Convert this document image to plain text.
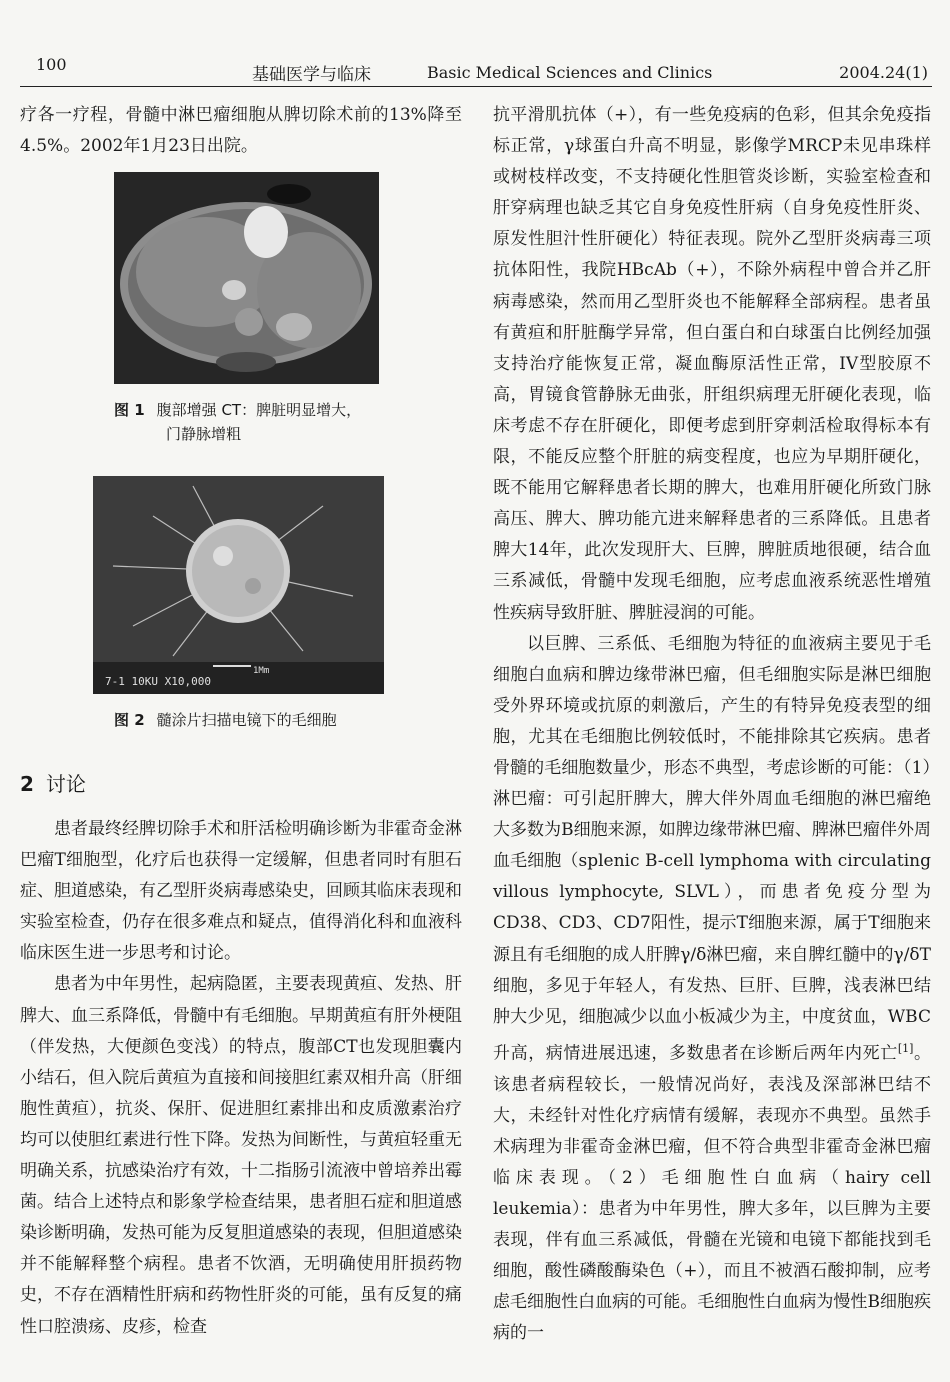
100
基础医学与临床	Basic Medical Sciences and Clinics	2004.24(1)

疗各一疗程，骨髓中淋巴瘤细胞从脾切除术前的13%降至4.5%。2002年1月23日出院。

图 1 腹部增强 CT：脾脏明显增大，
门静脉增粗
7-1 10KU X10,000
1Mm
图 2 髓涂片扫描电镜下的毛细胞
2 讨论

患者最终经脾切除手术和肝活检明确诊断为非霍奇金淋巴瘤T细胞型，化疗后也获得一定缓解，但患者同时有胆石症、胆道感染，有乙型肝炎病毒感染史，回顾其临床表现和实验室检查，仍存在很多难点和疑点，值得消化科和血液科临床医生进一步思考和讨论。

患者为中年男性，起病隐匿，主要表现黄疸、发热、肝脾大、血三系降低，骨髓中有毛细胞。早期黄疸有肝外梗阻（伴发热，大便颜色变浅）的特点，腹部CT也发现胆囊内小结石，但入院后黄疸为直接和间接胆红素双相升高（肝细胞性黄疸），抗炎、保肝、促进胆红素排出和皮质激素治疗均可以使胆红素进行性下降。发热为间断性，与黄疸轻重无明确关系，抗感染治疗有效，十二指肠引流液中曾培养出霉菌。结合上述特点和影象学检查结果，患者胆石症和胆道感染诊断明确，发热可能为反复胆道感染的表现，但胆道感染并不能解释整个病程。患者不饮酒，无明确使用肝损药物史，不存在酒精性肝病和药物性肝炎的可能，虽有反复的痛性口腔溃疡、皮疹，检查

抗平滑肌抗体（+），有一些免疫病的色彩，但其余免疫指标正常，γ球蛋白升高不明显，影像学MRCP未见串珠样或树枝样改变，不支持硬化性胆管炎诊断，实验室检查和肝穿病理也缺乏其它自身免疫性肝病（自身免疫性肝炎、原发性胆汁性肝硬化）特征表现。院外乙型肝炎病毒三项抗体阳性，我院HBcAb（+），不除外病程中曾合并乙肝病毒感染，然而用乙型肝炎也不能解释全部病程。患者虽有黄疸和肝脏酶学异常，但白蛋白和白球蛋白比例经加强支持治疗能恢复正常，凝血酶原活性正常，IV型胶原不高，胃镜食管静脉无曲张，肝组织病理无肝硬化表现，临床考虑不存在肝硬化，即便考虑到肝穿刺活检取得标本有限，不能反应整个肝脏的病变程度，也应为早期肝硬化，既不能用它解释患者长期的脾大，也难用肝硬化所致门脉高压、脾大、脾功能亢进来解释患者的三系降低。且患者脾大14年，此次发现肝大、巨脾，脾脏质地很硬，结合血三系减低，骨髓中发现毛细胞，应考虑血液系统恶性增殖性疾病导致肝脏、脾脏浸润的可能。

以巨脾、三系低、毛细胞为特征的血液病主要见于毛细胞白血病和脾边缘带淋巴瘤，但毛细胞实际是淋巴细胞受外界环境或抗原的刺激后，产生的有特异免疫表型的细胞，尤其在毛细胞比例较低时，不能排除其它疾病。患者骨髓的毛细胞数量少，形态不典型，考虑诊断的可能：（1）淋巴瘤：可引起肝脾大，脾大伴外周血毛细胞的淋巴瘤绝大多数为B细胞来源，如脾边缘带淋巴瘤、脾淋巴瘤伴外周血毛细胞（splenic B-cell lymphoma with circulating villous lymphocyte, SLVL），而患者免疫分型为CD38、CD3、CD7阳性，提示T细胞来源，属于T细胞来源且有毛细胞的成人肝脾γ/δ淋巴瘤，来自脾红髓中的γ/δT细胞，多见于年轻人，有发热、巨肝、巨脾，浅表淋巴结肿大少见，细胞减少以血小板减少为主，中度贫血，WBC升高，病情进展迅速，多数患者在诊断后两年内死亡[1]。该患者病程较长，一般情况尚好，表浅及深部淋巴结不大，未经针对性化疗病情有缓解，表现亦不典型。虽然手术病理为非霍奇金淋巴瘤，但不符合典型非霍奇金淋巴瘤临床表现。（2）毛细胞性白血病（hairy cell leukemia）：患者为中年男性，脾大多年，以巨脾为主要表现，伴有血三系减低，骨髓在光镜和电镜下都能找到毛细胞，酸性磷酸酶染色（+），而且不被酒石酸抑制，应考虑毛细胞性白血病的可能。毛细胞性白血病为慢性B细胞疾病的一
